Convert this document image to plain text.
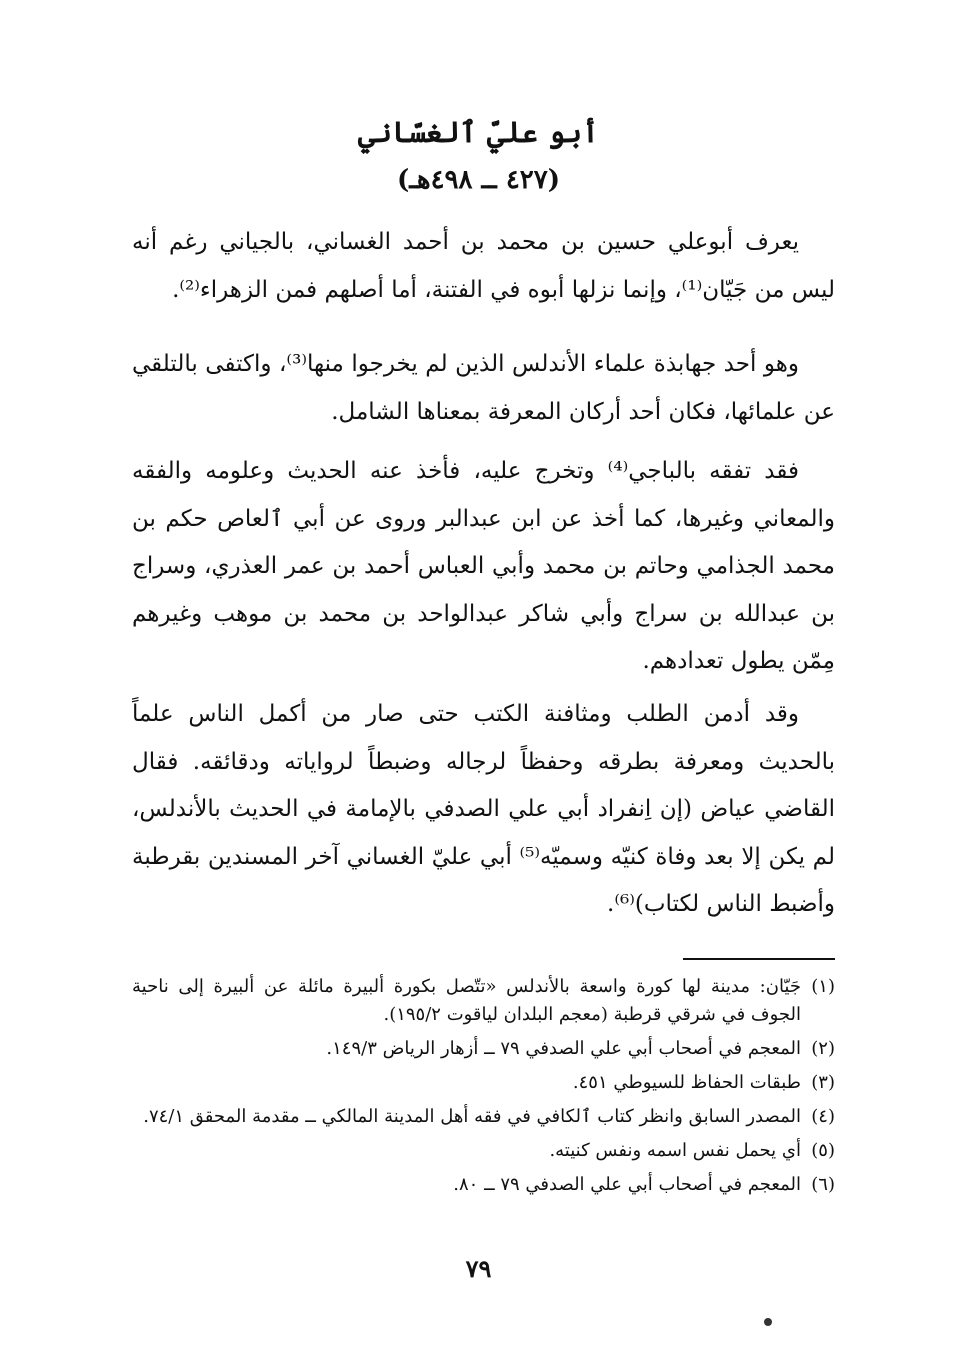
أبو عليّ ٱلغسّاني
(٤٢٧ ــ ٤٩٨هـ)

يعرف أبوعلي حسين بن محمد بن أحمد الغساني، بالجياني رغم أنه ليس من جَيّان⁽¹⁾، وإنما نزلها أبوه في الفتنة، أما أصلهم فمن الزهراء⁽²⁾.

وهو أحد جهابذة علماء الأندلس الذين لم يخرجوا منها⁽³⁾، واكتفى بالتلقي عن علمائها، فكان أحد أركان المعرفة بمعناها الشامل.

فقد تفقه بالباجي⁽⁴⁾ وتخرج عليه، فأخذ عنه الحديث وعلومه والفقه والمعاني وغيرها، كما أخذ عن ابن عبدالبر وروى عن أبي ٱلعاص حكم بن محمد الجذامي وحاتم بن محمد وأبي العباس أحمد بن عمر العذري، وسراج بن عبدالله بن سراج وأبي شاكر عبدالواحد بن محمد بن موهب وغيرهم مِمّن يطول تعدادهم.

وقد أدمن الطلب ومثافنة الكتب حتى صار من أكمل الناس علماً بالحديث ومعرفة بطرقه وحفظاً لرجاله وضبطاً لرواياته ودقائقه. فقال القاضي عياض (إن اِنفراد أبي علي الصدفي بالإمامة في الحديث بالأندلس، لم يكن إلا بعد وفاة كنيّه وسميّه⁽⁵⁾ أبي عليّ الغساني آخر المسندين بقرطبة وأضبط الناس لكتاب)⁽⁶⁾.

(١)
جَيّان: مدينة لها كورة واسعة بالأندلس «تتّصل بكورة ألبيرة مائلة عن ألبيرة إلى ناحية الجوف في شرقي قرطبة (معجم البلدان لياقوت ١٩٥/٢).
(٢)
المعجم في أصحاب أبي علي الصدفي ٧٩ ــ أزهار الرياض ١٤٩/٣.
(٣)
طبقات الحفاظ للسيوطي ٤٥١.
(٤)
المصدر السابق وانظر كتاب ٱلكافي في فقه أهل المدينة المالكي ــ مقدمة المحقق ٧٤/١.
(٥)
أي يحمل نفس اسمه ونفس كنيته.
(٦)
المعجم في أصحاب أبي علي الصدفي ٧٩ ــ ٨٠.
٧٩
